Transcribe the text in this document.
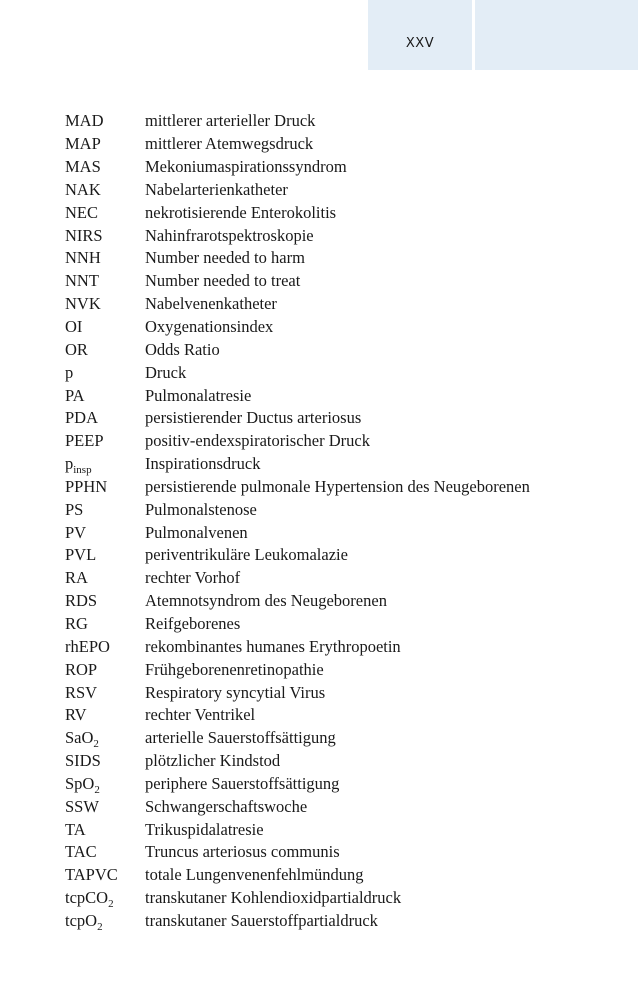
XXV
MAD	mittlerer arterieller Druck
MAP	mittlerer Atemwegsdruck
MAS	Mekoniumaspirationssyndrom
NAK	Nabelarterienkatheter
NEC	nekrotisierende Enterokolitis
NIRS	Nahinfrarotspektroskopie
NNH	Number needed to harm
NNT	Number needed to treat
NVK	Nabelvenenkatheter
OI	Oxygenationsindex
OR	Odds Ratio
p	Druck
PA	Pulmonalatresie
PDA	persistierender Ductus arteriosus
PEEP	positiv-endexspiratorischer Druck
$p_{insp}$	Inspirationsdruck
PPHN	persistierende pulmonale Hypertension des Neugeborenen
PS	Pulmonalstenose
PV	Pulmonalvenen
PVL	periventrikuläre Leukomalazie
RA	rechter Vorhof
RDS	Atemnotsyndrom des Neugeborenen
RG	Reifgeborenes
rhEPO	rekombinantes humanes Erythropoetin
ROP	Frühgeborenenretinopathie
RSV	Respiratory syncytial Virus
RV	rechter Ventrikel
SaO$_2$	arterielle Sauerstoffsättigung
SIDS	plötzlicher Kindstod
SpO$_2$	periphere Sauerstoffsättigung
SSW	Schwangerschaftswoche
TA	Trikuspidalatresie
TAC	Truncus arteriosus communis
TAPVC	totale Lungenvenenfehlmündung
tcpCO$_2$	transkutaner Kohlendioxidpartialdruck
tcpO$_2$	transkutaner Sauerstoffpartialdruck
